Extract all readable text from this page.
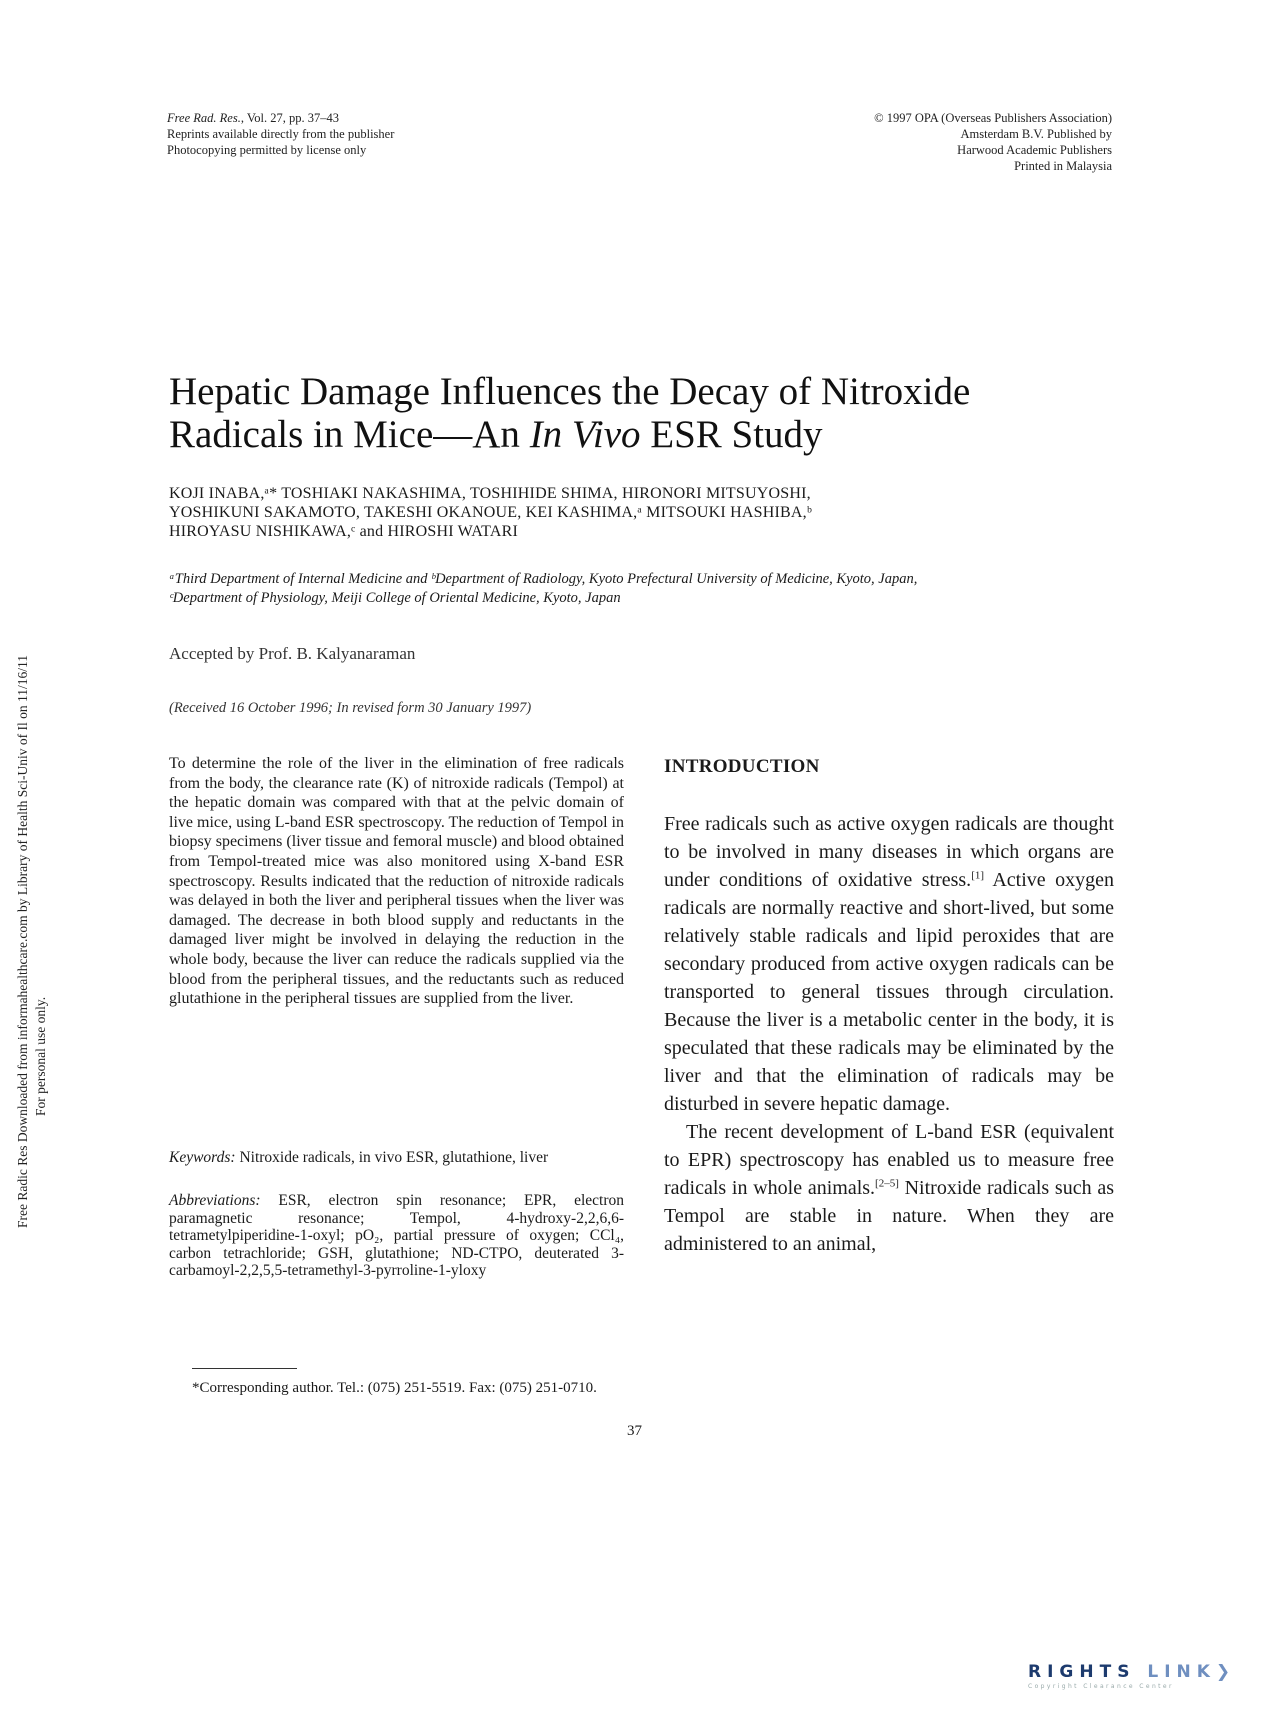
Free Rad. Res., Vol. 27, pp. 37–43
Reprints available directly from the publisher
Photocopying permitted by license only
© 1997 OPA (Overseas Publishers Association)
Amsterdam B.V. Published by
Harwood Academic Publishers
Printed in Malaysia
Free Radic Res Downloaded from informahealthcare.com by Library of Health Sci-Univ of Il on 11/16/11 For personal use only.
Hepatic Damage Influences the Decay of Nitroxide
Radicals in Mice—An In Vivo ESR Study
KOJI INABA,ᵃ* TOSHIAKI NAKASHIMA, TOSHIHIDE SHIMA, HIRONORI MITSUYOSHI,
YOSHIKUNI SAKAMOTO, TAKESHI OKANOUE, KEI KASHIMA,ᵃ MITSOUKI HASHIBA,ᵇ
HIROYASU NISHIKAWA,ᶜ and HIROSHI WATARI
ᵃThird Department of Internal Medicine and ᵇDepartment of Radiology, Kyoto Prefectural University of Medicine, Kyoto, Japan,
ᶜDepartment of Physiology, Meiji College of Oriental Medicine, Kyoto, Japan
Accepted by Prof. B. Kalyanaraman
(Received 16 October 1996; In revised form 30 January 1997)
To determine the role of the liver in the elimination of free radicals from the body, the clearance rate (K) of nitroxide radicals (Tempol) at the hepatic domain was compared with that at the pelvic domain of live mice, using L-band ESR spectroscopy. The reduction of Tempol in biopsy specimens (liver tissue and femoral muscle) and blood obtained from Tempol-treated mice was also monitored using X-band ESR spectroscopy. Results indicated that the reduction of nitroxide radicals was delayed in both the liver and peripheral tissues when the liver was damaged. The decrease in both blood supply and reductants in the damaged liver might be involved in delaying the reduction in the whole body, because the liver can reduce the radicals supplied via the blood from the peripheral tissues, and the reductants such as reduced glutathione in the peripheral tissues are supplied from the liver.
Keywords: Nitroxide radicals, in vivo ESR, glutathione, liver
Abbreviations: ESR, electron spin resonance; EPR, electron paramagnetic resonance; Tempol, 4-hydroxy-2,2,6,6-tetrametylpiperidine-1-oxyl; pO₂, partial pressure of oxygen; CCl₄, carbon tetrachloride; GSH, glutathione; ND-CTPO, deuterated 3-carbamoyl-2,2,5,5-tetramethyl-3-pyrroline-1-yloxy
INTRODUCTION

Free radicals such as active oxygen radicals are thought to be involved in many diseases in which organs are under conditions of oxidative stress.[1] Active oxygen radicals are normally reactive and short-lived, but some relatively stable radicals and lipid peroxides that are secondary produced from active oxygen radicals can be transported to general tissues through circulation. Because the liver is a metabolic center in the body, it is speculated that these radicals may be eliminated by the liver and that the elimination of radicals may be disturbed in severe hepatic damage.

The recent development of L-band ESR (equivalent to EPR) spectroscopy has enabled us to measure free radicals in whole animals.[2–5] Nitroxide radicals such as Tempol are stable in nature. When they are administered to an animal,

*Corresponding author. Tel.: (075) 251-5519. Fax: (075) 251-0710.
37
RIGHTS LINK❯
Copyright Clearance Center
